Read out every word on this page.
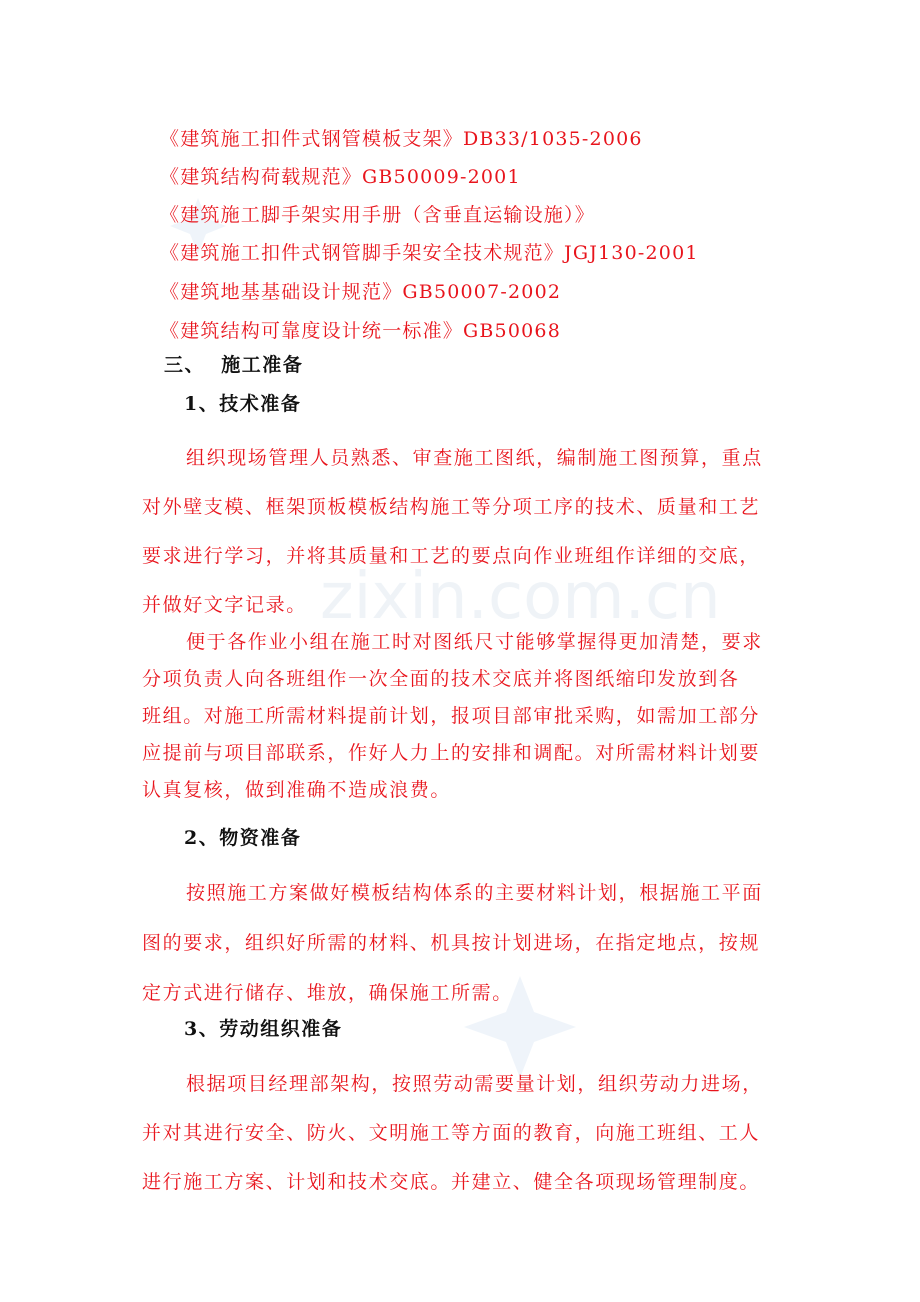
zixin.com.cn

《建筑施工扣件式钢管模板支架》DB33/1035-2006

《建筑结构荷载规范》GB50009-2001

《建筑施工脚手架实用手册（含垂直运输设施）》

《建筑施工扣件式钢管脚手架安全技术规范》JGJ130-2001

《建筑地基基础设计规范》GB50007-2002

《建筑结构可靠度设计统一标准》GB50068

三、  施工准备

1、技术准备

组织现场管理人员熟悉、审查施工图纸，编制施工图预算，重点
对外壁支模、框架顶板模板结构施工等分项工序的技术、质量和工艺
要求进行学习，并将其质量和工艺的要点向作业班组作详细的交底，
并做好文字记录。
便于各作业小组在施工时对图纸尺寸能够掌握得更加清楚，要求
分项负责人向各班组作一次全面的技术交底并将图纸缩印发放到各
班组。对施工所需材料提前计划，报项目部审批采购，如需加工部分
应提前与项目部联系，作好人力上的安排和调配。对所需材料计划要
认真复核，做到准确不造成浪费。

2、物资准备

按照施工方案做好模板结构体系的主要材料计划，根据施工平面
图的要求，组织好所需的材料、机具按计划进场，在指定地点，按规
定方式进行储存、堆放，确保施工所需。

3、劳动组织准备

根据项目经理部架构，按照劳动需要量计划，组织劳动力进场，
并对其进行安全、防火、文明施工等方面的教育，向施工班组、工人
进行施工方案、计划和技术交底。并建立、健全各项现场管理制度。
